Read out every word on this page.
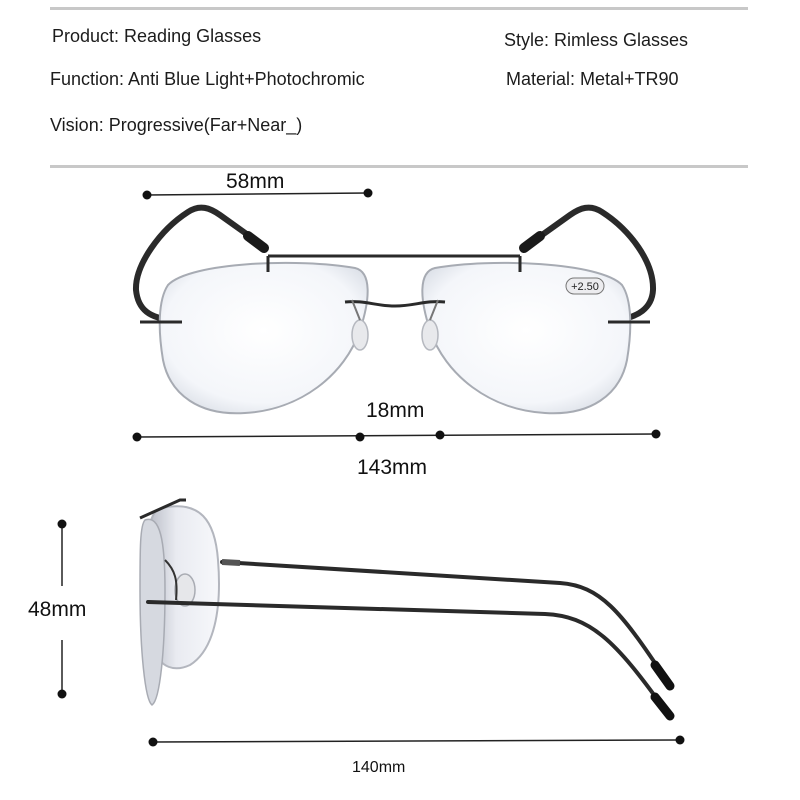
Product: Reading Glasses	Style: Rimless Glasses
Function: Anti Blue Light+Photochromic	Material: Metal+TR90
Vision: Progressive(Far+Near_)
+2.50
58mm
18mm
143mm
48mm
140mm
